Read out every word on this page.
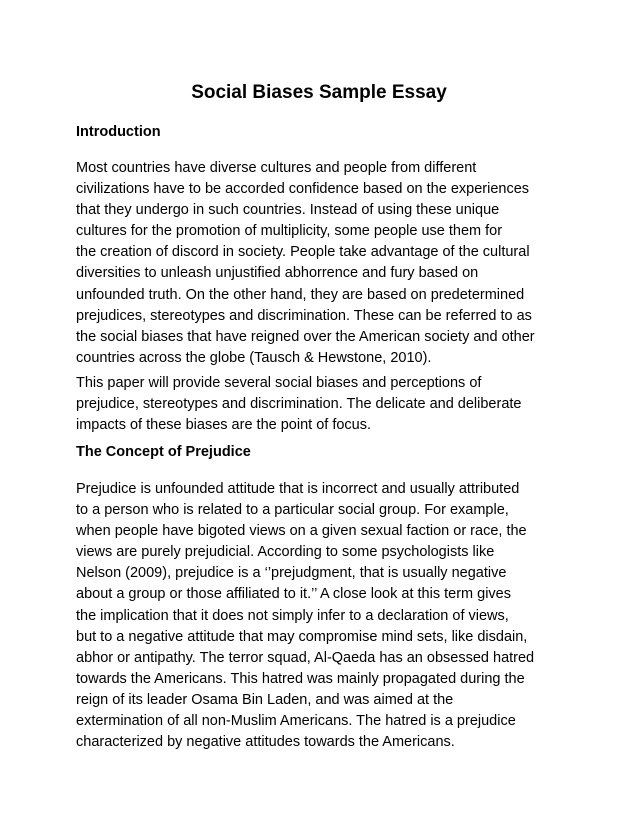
Social Biases Sample Essay
Introduction

Most countries have diverse cultures and people from different
civilizations have to be accorded confidence based on the experiences
that they undergo in such countries. Instead of using these unique
cultures for the promotion of multiplicity, some people use them for
the creation of discord in society. People take advantage of the cultural
diversities to unleash unjustified abhorrence and fury based on
unfounded truth. On the other hand, they are based on predetermined
prejudices, stereotypes and discrimination. These can be referred to as
the social biases that have reigned over the American society and other
countries across the globe (Tausch & Hewstone, 2010).

This paper will provide several social biases and perceptions of
prejudice, stereotypes and discrimination. The delicate and deliberate
impacts of these biases are the point of focus.

The Concept of Prejudice

Prejudice is unfounded attitude that is incorrect and usually attributed
to a person who is related to a particular social group. For example,
when people have bigoted views on a given sexual faction or race, the
views are purely prejudicial. According to some psychologists like
Nelson (2009), prejudice is a ‘’prejudgment, that is usually negative
about a group or those affiliated to it.’’ A close look at this term gives
the implication that it does not simply infer to a declaration of views,
but to a negative attitude that may compromise mind sets, like disdain,
abhor or antipathy. The terror squad, Al-Qaeda has an obsessed hatred
towards the Americans. This hatred was mainly propagated during the
reign of its leader Osama Bin Laden, and was aimed at the
extermination of all non-Muslim Americans. The hatred is a prejudice
characterized by negative attitudes towards the Americans.
